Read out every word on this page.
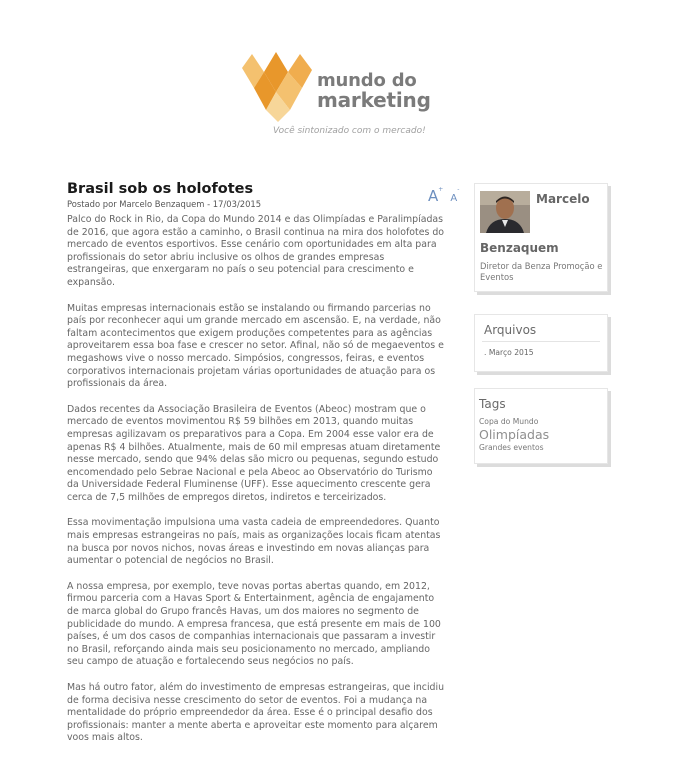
mundo do
marketing
Você sintonizado com o mercado!
Brasil sob os holofotes
Postado por Marcelo Benzaquem - 17/03/2015	A+ A-

Palco do Rock in Rio, da Copa do Mundo 2014 e das Olimpíadas e Paralimpíadas de 2016, que agora estão a caminho, o Brasil continua na mira dos holofotes do mercado de eventos esportivos. Esse cenário com oportunidades em alta para profissionais do setor abriu inclusive os olhos de grandes empresas estrangeiras, que enxergaram no país o seu potencial para crescimento e expansão.

Muitas empresas internacionais estão se instalando ou firmando parcerias no país por reconhecer aqui um grande mercado em ascensão. E, na verdade, não faltam acontecimentos que exigem produções competentes para as agências aproveitarem essa boa fase e crescer no setor. Afinal, não só de megaeventos e megashows vive o nosso mercado. Simpósios, congressos, feiras, e eventos corporativos internacionais projetam várias oportunidades de atuação para os profissionais da área.

Dados recentes da Associação Brasileira de Eventos (Abeoc) mostram que o mercado de eventos movimentou R$ 59 bilhões em 2013, quando muitas empresas agilizavam os preparativos para a Copa. Em 2004 esse valor era de apenas R$ 4 bilhões. Atualmente, mais de 60 mil empresas atuam diretamente nesse mercado, sendo que 94% delas são micro ou pequenas, segundo estudo encomendado pelo Sebrae Nacional e pela Abeoc ao Observatório do Turismo da Universidade Federal Fluminense (UFF). Esse aquecimento crescente gera cerca de 7,5 milhões de empregos diretos, indiretos e terceirizados.

Essa movimentação impulsiona uma vasta cadeia de empreendedores. Quanto mais empresas estrangeiras no país, mais as organizações locais ficam atentas na busca por novos nichos, novas áreas e investindo em novas alianças para aumentar o potencial de negócios no Brasil.

A nossa empresa, por exemplo, teve novas portas abertas quando, em 2012, firmou parceria com a Havas Sport & Entertainment, agência de engajamento de marca global do Grupo francês Havas, um dos maiores no segmento de publicidade do mundo. A empresa francesa, que está presente em mais de 100 países, é um dos casos de companhias internacionais que passaram a investir no Brasil, reforçando ainda mais seu posicionamento no mercado, ampliando seu campo de atuação e fortalecendo seus negócios no país.

Mas há outro fator, além do investimento de empresas estrangeiras, que incidiu de forma decisiva nesse crescimento do setor de eventos. Foi a mudança na mentalidade do próprio empreendedor da área. Esse é o principal desafio dos profissionais: manter a mente aberta e aproveitar este momento para alçarem voos mais altos.

Marcelo
Benzaquem
Diretor da Benza Promoção e Eventos
Arquivos
. Março 2015
Tags
Copa do Mundo
Olimpíadas
Grandes eventos
